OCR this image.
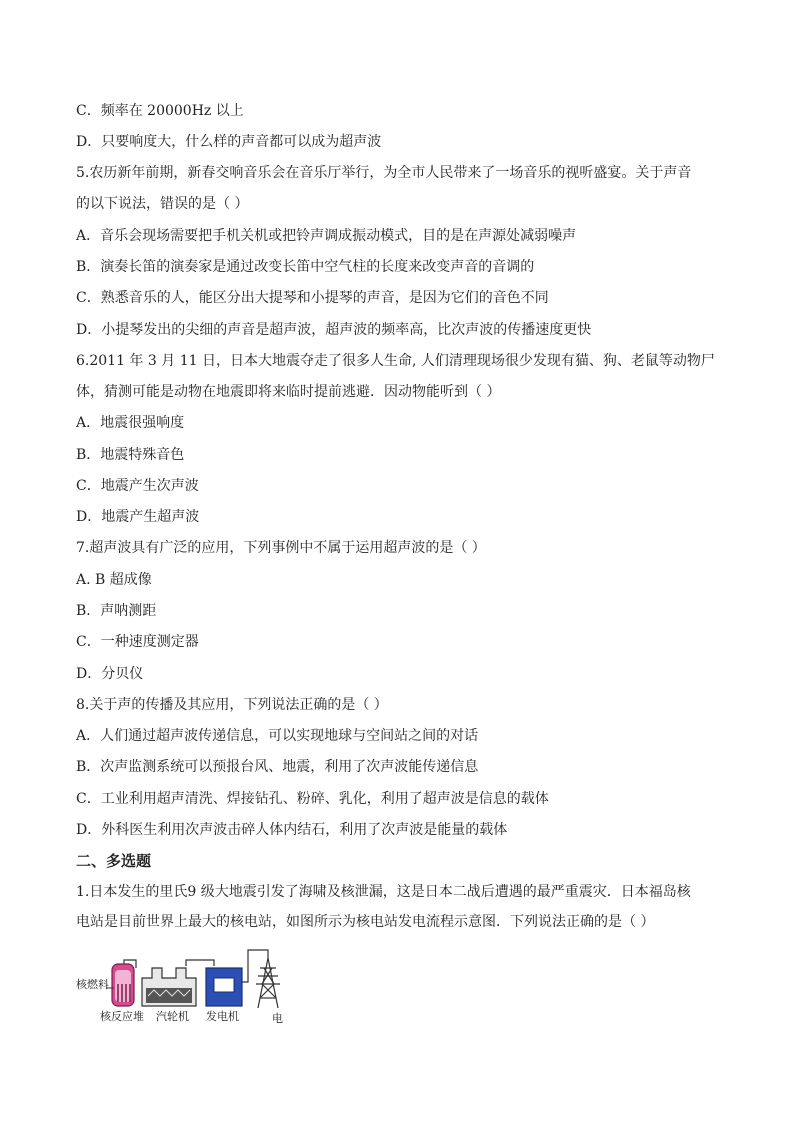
C．频率在 20000Hz 以上
D．只要响度大，什么样的声音都可以成为超声波
5.农历新年前期，新春交响音乐会在音乐厅举行，为全市人民带来了一场音乐的视听盛宴。关于声音
的以下说法，错误的是（ ）
A．音乐会现场需要把手机关机或把铃声调成振动模式，目的是在声源处减弱噪声
B．演奏长笛的演奏家是通过改变长笛中空气柱的长度来改变声音的音调的
C．熟悉音乐的人，能区分出大提琴和小提琴的声音，是因为它们的音色不同
D．小提琴发出的尖细的声音是超声波，超声波的频率高，比次声波的传播速度更快
6.2011 年 3 月 11 日，日本大地震夺走了很多人生命, 人们清理现场很少发现有猫、狗、老鼠等动物尸
体，猜测可能是动物在地震即将来临时提前逃避．因动物能听到（ ）
A．地震很强响度
B．地震特殊音色
C．地震产生次声波
D．地震产生超声波
7.超声波具有广泛的应用，下列事例中不属于运用超声波的是（ ）
A. B 超成像
B．声呐测距
C．一种速度测定器
D．分贝仪
8.关于声的传播及其应用，下列说法正确的是（ ）
A．人们通过超声波传递信息，可以实现地球与空间站之间的对话
B．次声监测系统可以预报台风、地震，利用了次声波能传递信息
C．工业利用超声清洗、焊接钻孔、粉碎、乳化，利用了超声波是信息的载体
D．外科医生利用次声波击碎人体内结石，利用了次声波是能量的载体
二、多选题
1.日本发生的里氏9 级大地震引发了海啸及核泄漏，这是日本二战后遭遇的最严重震灾．日本福岛核
电站是目前世界上最大的核电站，如图所示为核电站发电流程示意图．下列说法正确的是（ ）
核燃料
核反应堆 汽轮机 发电机	电
